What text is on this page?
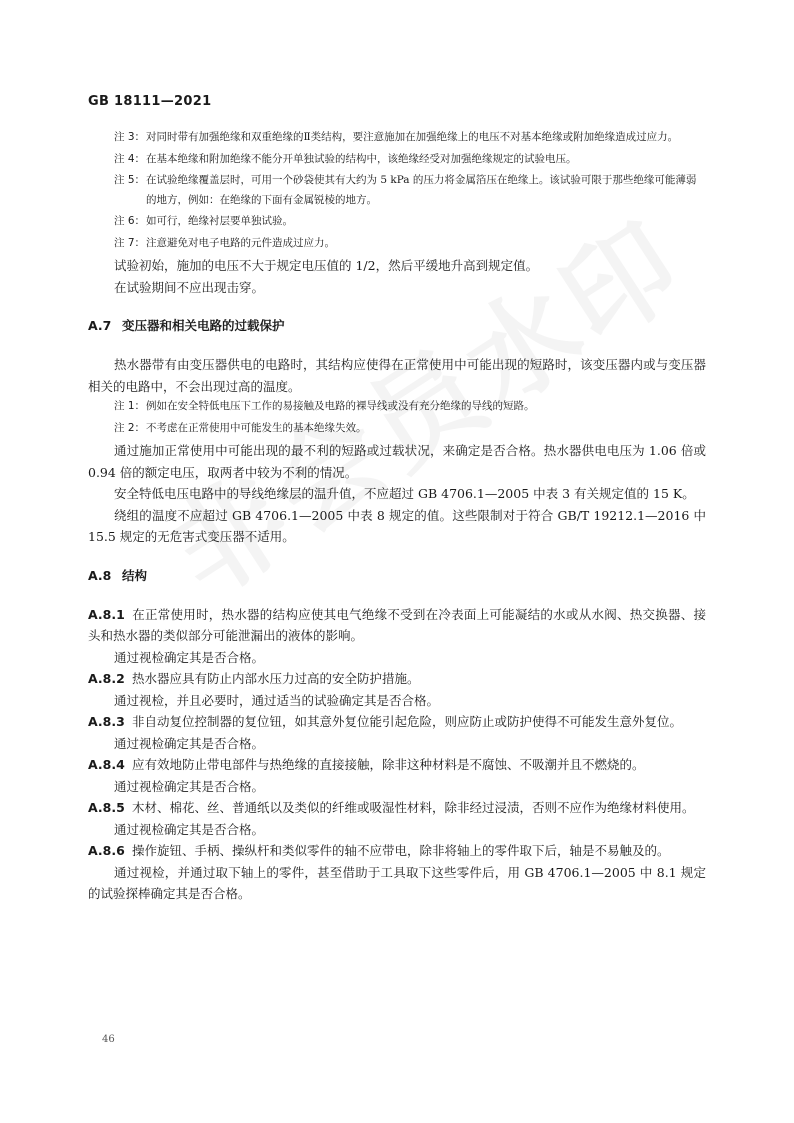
GB 18111—2021
注 3： 对同时带有加强绝缘和双重绝缘的Ⅱ类结构，要注意施加在加强绝缘上的电压不对基本绝缘或附加绝缘造成过应力。
注 4： 在基本绝缘和附加绝缘不能分开单独试验的结构中，该绝缘经受对加强绝缘规定的试验电压。
注 5： 在试验绝缘覆盖层时，可用一个砂袋使其有大约为 5 kPa 的压力将金属箔压在绝缘上。该试验可限于那些绝缘可能薄弱的地方，例如：在绝缘的下面有金属锐棱的地方。
注 6： 如可行，绝缘衬层要单独试验。
注 7： 注意避免对电子电路的元件造成过应力。

试验初始，施加的电压不大于规定电压值的 1/2，然后平缓地升高到规定值。

在试验期间不应出现击穿。

A.7 变压器和相关电路的过载保护

热水器带有由变压器供电的电路时，其结构应使得在正常使用中可能出现的短路时，该变压器内或与变压器相关的电路中，不会出现过高的温度。

注 1： 例如在安全特低电压下工作的易接触及电路的裸导线或没有充分绝缘的导线的短路。
注 2： 不考虑在正常使用中可能发生的基本绝缘失效。

通过施加正常使用中可能出现的最不利的短路或过载状况，来确定是否合格。热水器供电电压为 1.06 倍或 0.94 倍的额定电压，取两者中较为不利的情况。

安全特低电压电路中的导线绝缘层的温升值，不应超过 GB 4706.1—2005 中表 3 有关规定值的 15 K。

绕组的温度不应超过 GB 4706.1—2005 中表 8 规定的值。这些限制对于符合 GB/T 19212.1—2016 中 15.5 规定的无危害式变压器不适用。

A.8 结构

A.8.1 在正常使用时，热水器的结构应使其电气绝缘不受到在冷表面上可能凝结的水或从水阀、热交换器、接头和热水器的类似部分可能泄漏出的液体的影响。

通过视检确定其是否合格。

A.8.2 热水器应具有防止内部水压力过高的安全防护措施。

通过视检，并且必要时，通过适当的试验确定其是否合格。

A.8.3 非自动复位控制器的复位钮，如其意外复位能引起危险，则应防止或防护使得不可能发生意外复位。

通过视检确定其是否合格。

A.8.4 应有效地防止带电部件与热绝缘的直接接触，除非这种材料是不腐蚀、不吸潮并且不燃烧的。

通过视检确定其是否合格。

A.8.5 木材、棉花、丝、普通纸以及类似的纤维或吸湿性材料，除非经过浸渍，否则不应作为绝缘材料使用。

通过视检确定其是否合格。

A.8.6 操作旋钮、手柄、操纵杆和类似零件的轴不应带电，除非将轴上的零件取下后，轴是不易触及的。

通过视检，并通过取下轴上的零件，甚至借助于工具取下这些零件后，用 GB 4706.1—2005 中 8.1 规定的试验探棒确定其是否合格。

46
